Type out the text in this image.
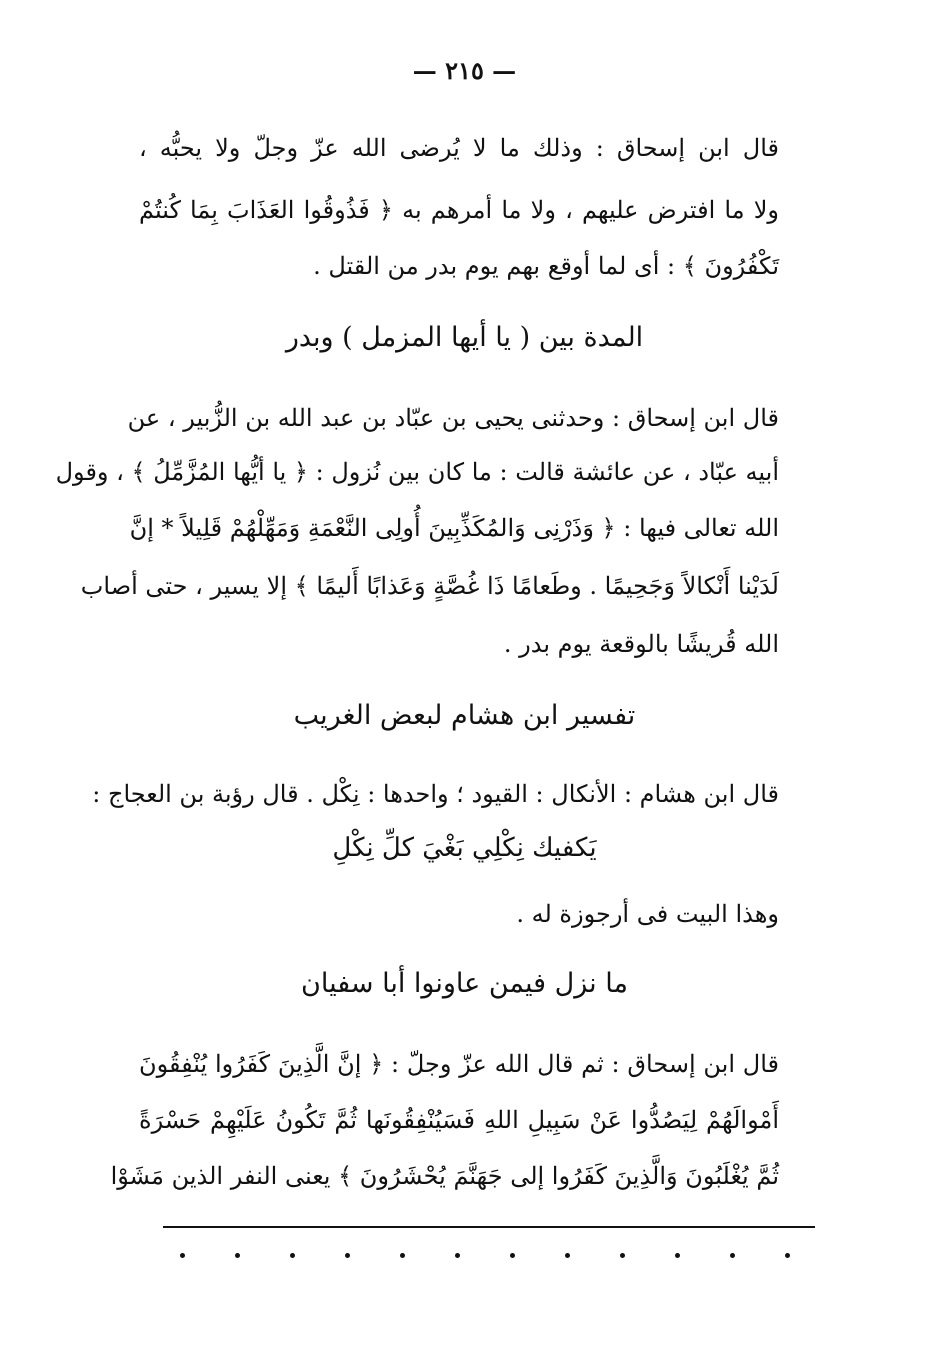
— ٢١٥ —
قال ابن إسحاق : وذلك ما لا يُرضى الله عزّ وجلّ ولا يحبُّه ،
ولا ما افترض عليهم ، ولا ما أمرهم به ﴿ فَذُوقُوا العَذَابَ بِمَا كُنتُمْ
تَكْفُرُونَ ﴾ : أى لما أوقع بهم يوم بدر من القتل .
المدة بين ( يا أيها المزمل ) وبدر
قال ابن إسحاق : وحدثنى يحيى بن عبّاد بن عبد الله بن الزُّبير ، عن
أبيه عبّاد ، عن عائشة قالت : ما كان بين نُزول : ﴿ يا أيُّها المُزَّمِّلُ ﴾ ، وقول
الله تعالى فيها : ﴿ وَذَرْنِى وَالمُكَذِّبِينَ أُولِى النَّعْمَةِ وَمَهِّلْهُمْ قَلِيلاً * إنَّ
لَدَيْنا أَنْكالاً وَجَحِيمًا . وطَعامًا ذَا غُصَّةٍ وَعَذابًا أَليمًا ﴾ إلا يسير ، حتى أصاب
الله قُريشًا بالوقعة يوم بدر .
تفسير ابن هشام لبعض الغريب
قال ابن هشام : الأنكال : القيود ؛ واحدها : نِكْل . قال رؤبة بن العجاج :
يَكفيك نِكْلِي بَغْيَ كلِّ نِكْلِ
وهذا البيت فى أرجوزة له .
ما نزل فيمن عاونوا أبا سفيان
قال ابن إسحاق : ثم قال الله عزّ وجلّ : ﴿ إنَّ الَّذِينَ كَفَرُوا يُنْفِقُونَ
أَمْوالَهُمْ لِيَصُدُّوا عَنْ سَبِيلِ اللهِ فَسَيُنْفِقُونَها ثُمَّ تَكُونُ عَلَيْهِمْ حَسْرَةً
ثُمَّ يُغْلَبُونَ وَالَّذِينَ كَفَرُوا إلى جَهَنَّمَ يُحْشَرُونَ ﴾ يعنى النفر الذين مَشَوْا
